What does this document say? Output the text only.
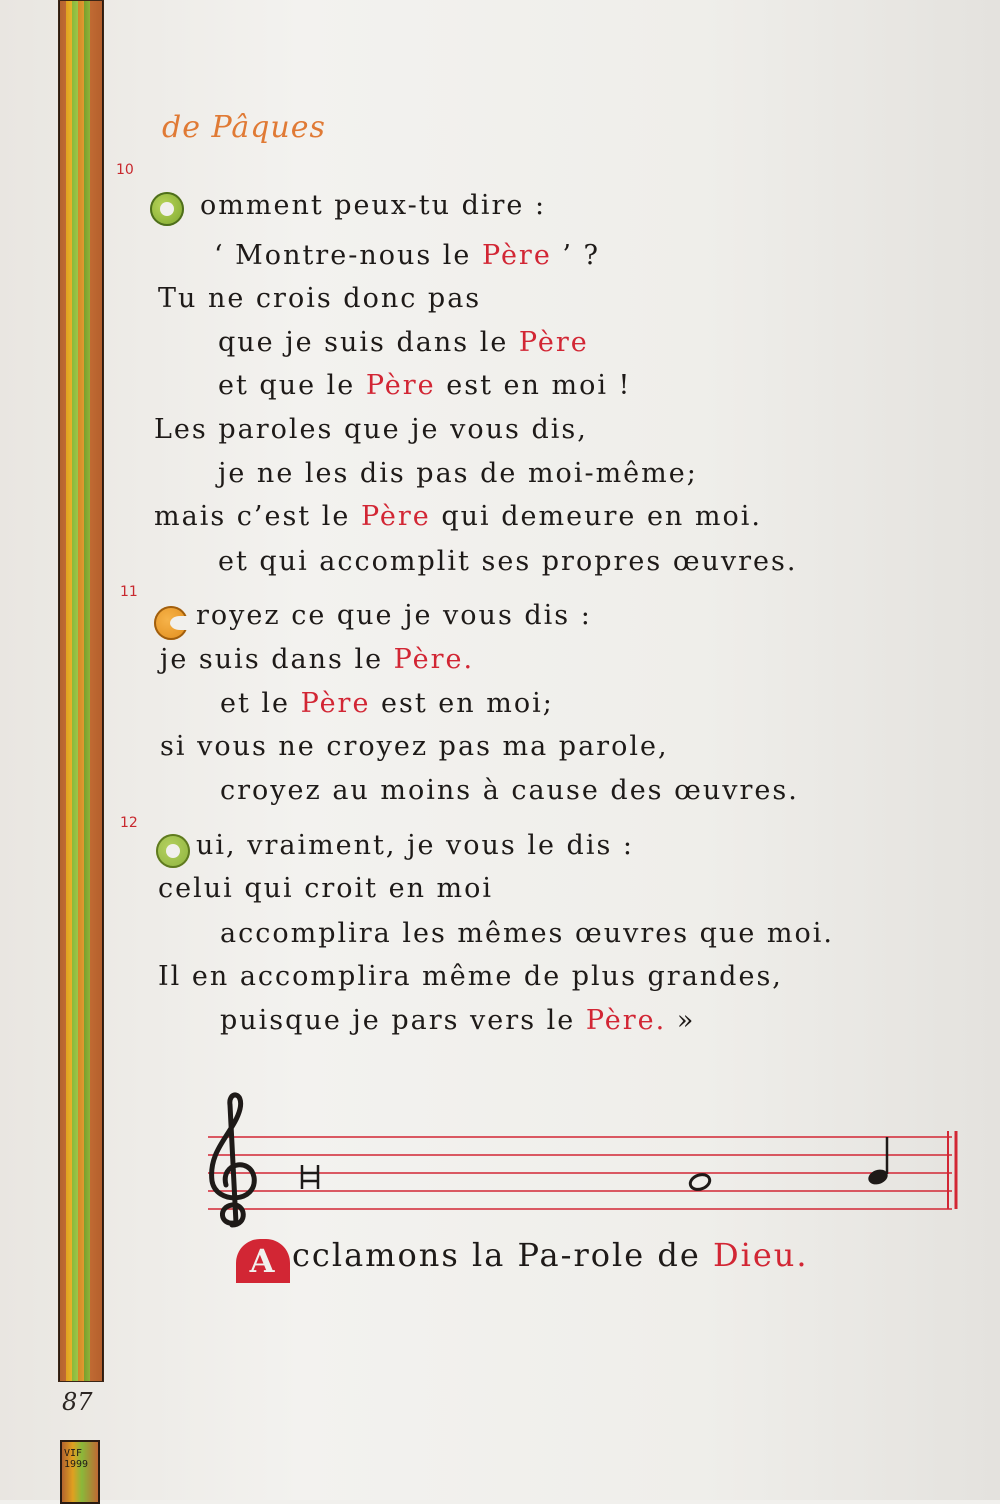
VIF 1999
de Pâques
10
omment peux-tu dire :
‘ Montre-nous le Père ’ ?
Tu ne crois donc pas
que je suis dans le Père
et que le Père est en moi !
Les paroles que je vous dis,
je ne les dis pas de moi-même;
mais c’est le Père qui demeure en moi.
et qui accomplit ses propres œuvres.
11
royez ce que je vous dis :
je suis dans le Père.
et le Père est en moi;
si vous ne croyez pas ma parole,
croyez au moins à cause des œuvres.
12
ui, vraiment, je vous le dis :
celui qui croit en moi
accomplira les mêmes œuvres que moi.
Il en accomplira même de plus grandes,
puisque je pars vers le Père. »
A cclamons la Pa-role de Dieu.
87
